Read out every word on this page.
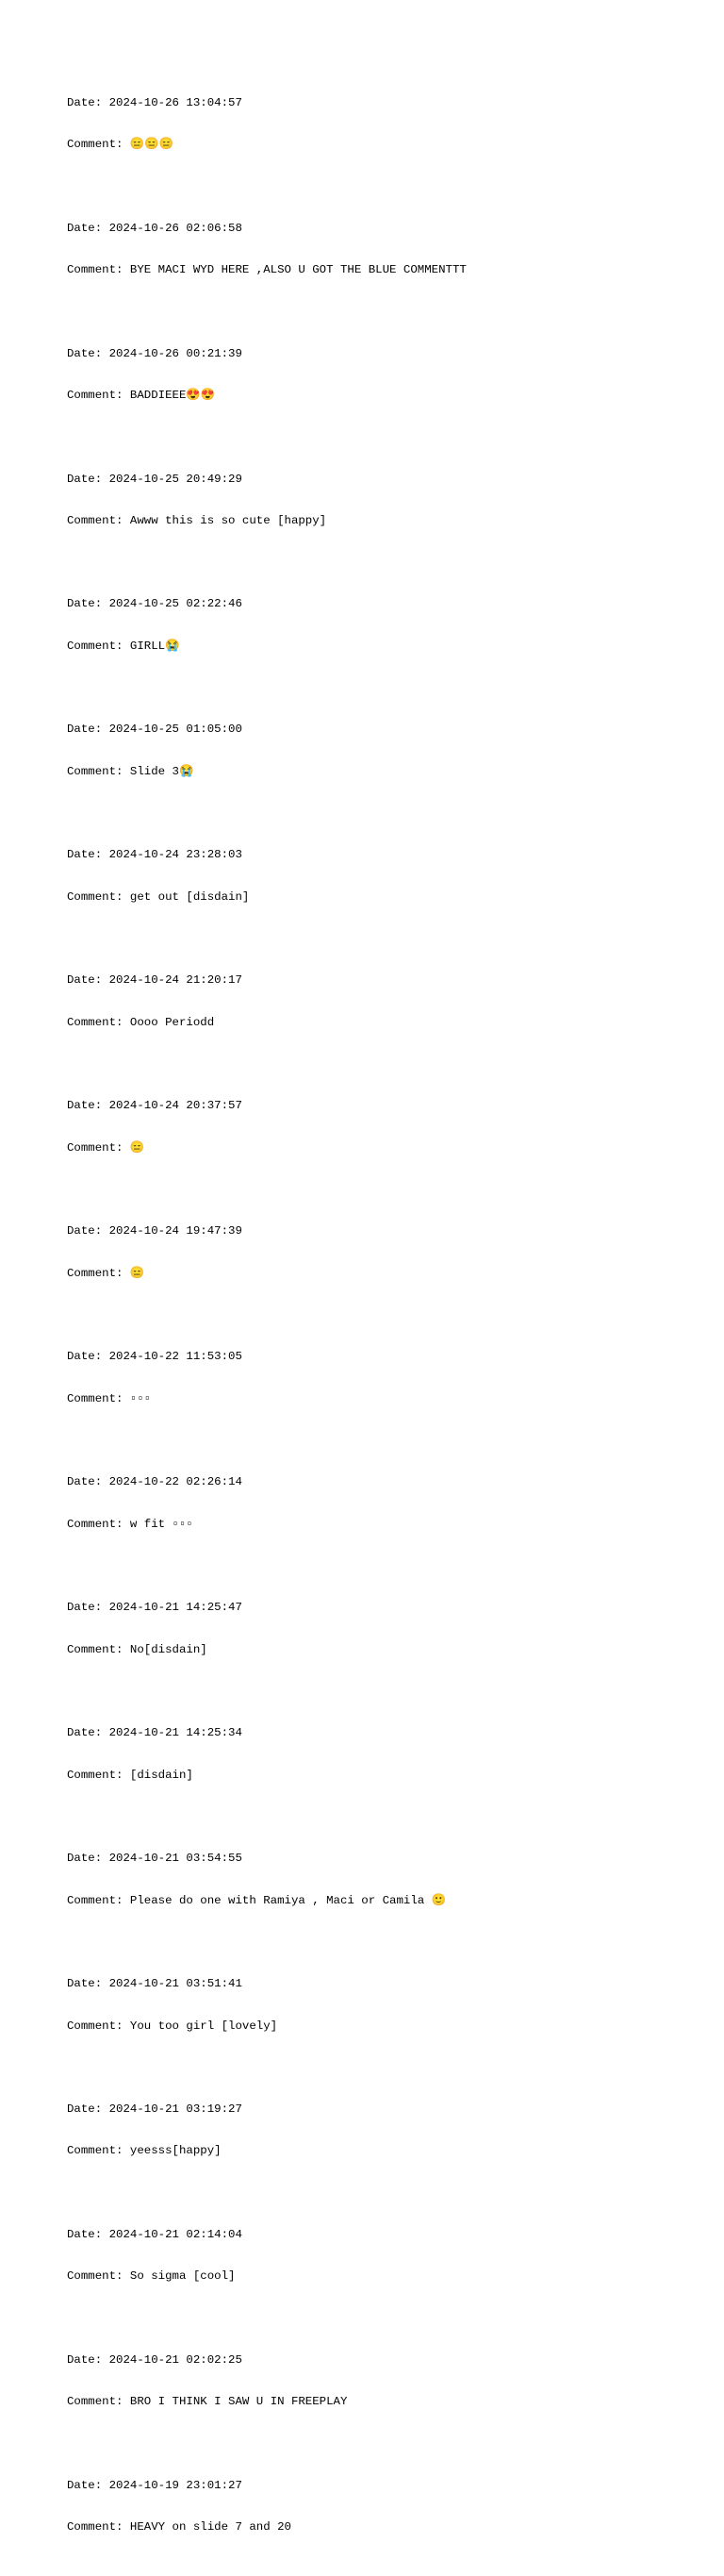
Date: 2024-10-26 13:04:57

Comment: 😑😑😑

Date: 2024-10-26 02:06:58

Comment: BYE MACI WYD HERE ,ALSO U GOT THE BLUE COMMENTTT

Date: 2024-10-26 00:21:39

Comment: BADDIEEE😍😍

Date: 2024-10-25 20:49:29

Comment: Awww this is so cute [happy]

Date: 2024-10-25 02:22:46

Comment: GIRLL😭

Date: 2024-10-25 01:05:00

Comment: Slide 3😭

Date: 2024-10-24 23:28:03

Comment: get out [disdain]

Date: 2024-10-24 21:20:17

Comment: Oooo Periodd

Date: 2024-10-24 20:37:57

Comment: 😑

Date: 2024-10-24 19:47:39

Comment: 😑

Date: 2024-10-22 11:53:05

Comment: ▫▫▫

Date: 2024-10-22 02:26:14

Comment: w fit ▫▫▫

Date: 2024-10-21 14:25:47

Comment: No[disdain]

Date: 2024-10-21 14:25:34

Comment: [disdain]

Date: 2024-10-21 03:54:55

Comment: Please do one with Ramiya , Maci or Camila 🙂

Date: 2024-10-21 03:51:41

Comment: You too girl [lovely]

Date: 2024-10-21 03:19:27

Comment: yeesss[happy]

Date: 2024-10-21 02:14:04

Comment: So sigma [cool]

Date: 2024-10-21 02:02:25

Comment: BRO I THINK I SAW U IN FREEPLAY

Date: 2024-10-19 23:01:27

Comment: HEAVY on slide 7 and 20
